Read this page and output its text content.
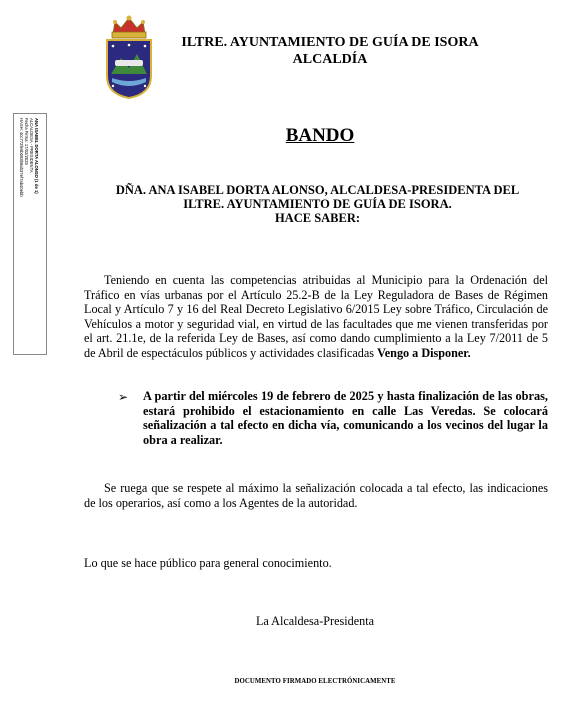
ILTRE. AYUNTAMIENTO DE GUÍA DE ISORA
ALCALDÍA
ANA ISABEL DORTA ALONSO (1 de 1)
ALCALDESA - PRESIDENTA
Fecha Firma: 17/02/2025
HASH: 4cc772fe5b093b9ab37ef7ab40ebb	BANDO
DÑA. ANA ISABEL DORTA ALONSO, ALCALDESA-PRESIDENTA DEL
ILTRE. AYUNTAMIENTO DE GUÍA DE ISORA.
HACE SABER:

Teniendo en cuenta las competencias atribuidas al Municipio para la Ordenación del Tráfico en vías urbanas por el Artículo 25.2-B de la Ley Reguladora de Bases de Régimen Local y Artículo 7 y 16 del Real Decreto Legislativo 6/2015 Ley sobre Tráfico, Circulación de Vehículos a motor y seguridad vial, en virtud de las facultades que me vienen transferidas por el art. 21.1e, de la referida Ley de Bases, así como dando cumplimiento a la Ley 7/2011 de 5 de Abril de espectáculos públicos y actividades clasificadas Vengo a Disponer.

➢ A partir del miércoles 19 de febrero de 2025 y hasta finalización de las obras, estará prohibido el estacionamiento en calle Las Veredas. Se colocará señalización a tal efecto en dicha vía, comunicando a los vecinos del lugar la obra a realizar.

Se ruega que se respete al máximo la señalización colocada a tal efecto, las indicaciones de los operarios, así como a los Agentes de la autoridad.

Lo que se hace público para general conocimiento.

La Alcaldesa-Presidenta
DOCUMENTO FIRMADO ELECTRÓNICAMENTE
